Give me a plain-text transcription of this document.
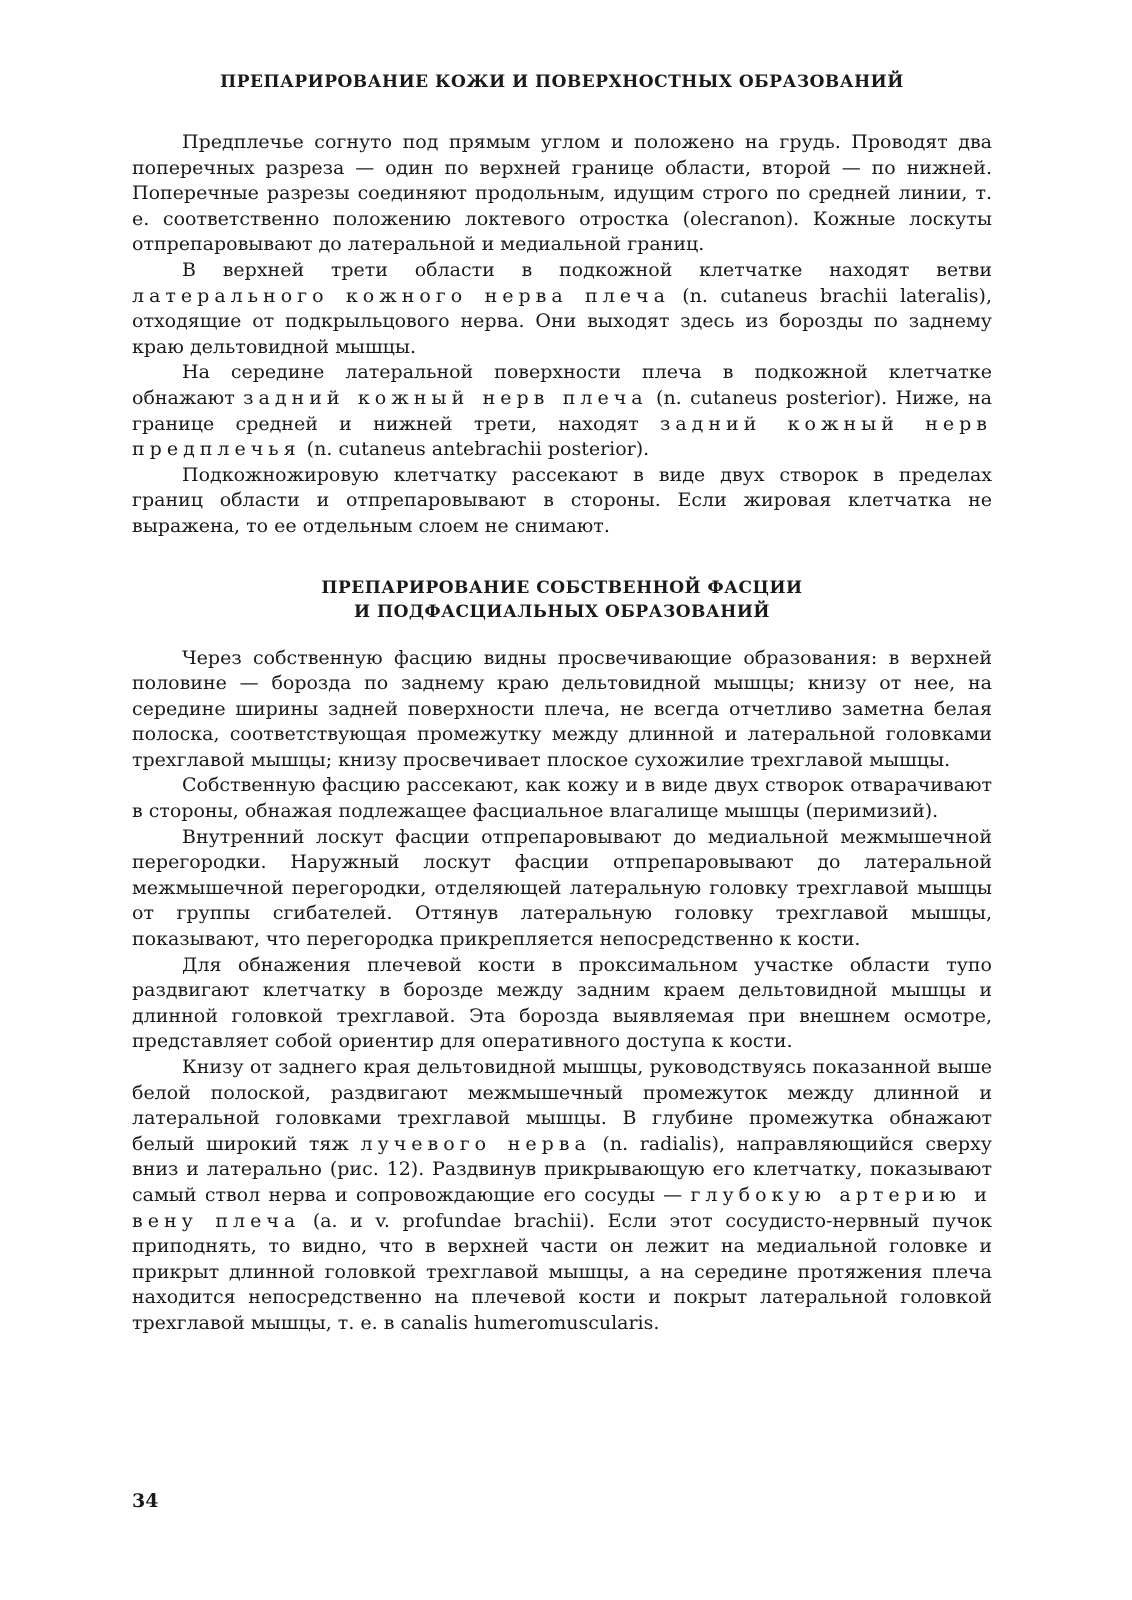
ПРЕПАРИРОВАНИЕ КОЖИ И ПОВЕРХНОСТНЫХ ОБРАЗОВАНИЙ

Предплечье согнуто под прямым углом и положено на грудь. Проводят два поперечных разреза — один по верхней границе области, второй — по нижней. Поперечные разрезы соединяют продольным, идущим строго по средней линии, т. е. соответственно положению локтевого отростка (olecranon). Кожные лоскуты отпрепаровывают до латеральной и медиальной границ.

В верхней трети области в подкожной клетчатке находят ветви латерального кожного нерва плеча (n. cutaneus brachii lateralis), отходящие от подкрыльцового нерва. Они выходят здесь из борозды по заднему краю дельтовидной мышцы.

На середине латеральной поверхности плеча в подкожной клетчатке обнажают задний кожный нерв плеча (n. cutaneus posterior). Ниже, на границе средней и нижней трети, находят задний кожный нерв предплечья (n. cutaneus antebrachii posterior).

Подкожножировую клетчатку рассекают в виде двух створок в пределах границ области и отпрепаровывают в стороны. Если жировая клетчатка не выражена, то ее отдельным слоем не снимают.

ПРЕПАРИРОВАНИЕ СОБСТВЕННОЙ ФАСЦИИ
И ПОДФАСЦИАЛЬНЫХ ОБРАЗОВАНИЙ

Через собственную фасцию видны просвечивающие образования: в верхней половине — борозда по заднему краю дельтовидной мышцы; книзу от нее, на середине ширины задней поверхности плеча, не всегда отчетливо заметна белая полоска, соответствующая промежутку между длинной и латеральной головками трехглавой мышцы; книзу просвечивает плоское сухожилие трехглавой мышцы.

Собственную фасцию рассекают, как кожу и в виде двух створок отварачивают в стороны, обнажая подлежащее фасциальное влагалище мышцы (перимизий).

Внутренний лоскут фасции отпрепаровывают до медиальной межмышечной перегородки. Наружный лоскут фасции отпрепаровывают до латеральной межмышечной перегородки, отделяющей латеральную головку трехглавой мышцы от группы сгибателей. Оттянув латеральную головку трехглавой мышцы, показывают, что перегородка прикрепляется непосредственно к кости.

Для обнажения плечевой кости в проксимальном участке области тупо раздвигают клетчатку в борозде между задним краем дельтовидной мышцы и длинной головкой трехглавой. Эта борозда выявляемая при внешнем осмотре, представляет собой ориентир для оперативного доступа к кости.

Книзу от заднего края дельтовидной мышцы, руководствуясь показанной выше белой полоской, раздвигают межмышечный промежуток между длинной и латеральной головками трехглавой мышцы. В глубине промежутка обнажают белый широкий тяж лучевого нерва (n. radialis), направляющийся сверху вниз и латерально (рис. 12). Раздвинув прикрывающую его клетчатку, показывают самый ствол нерва и сопровождающие его сосуды — глубокую артерию и вену плеча (a. и v. profundae brachii). Если этот сосудисто-нервный пучок приподнять, то видно, что в верхней части он лежит на медиальной головке и прикрыт длинной головкой трехглавой мышцы, а на середине протяжения плеча находится непосредственно на плечевой кости и покрыт латеральной головкой трехглавой мышцы, т. е. в canalis humeromuscularis.

34
